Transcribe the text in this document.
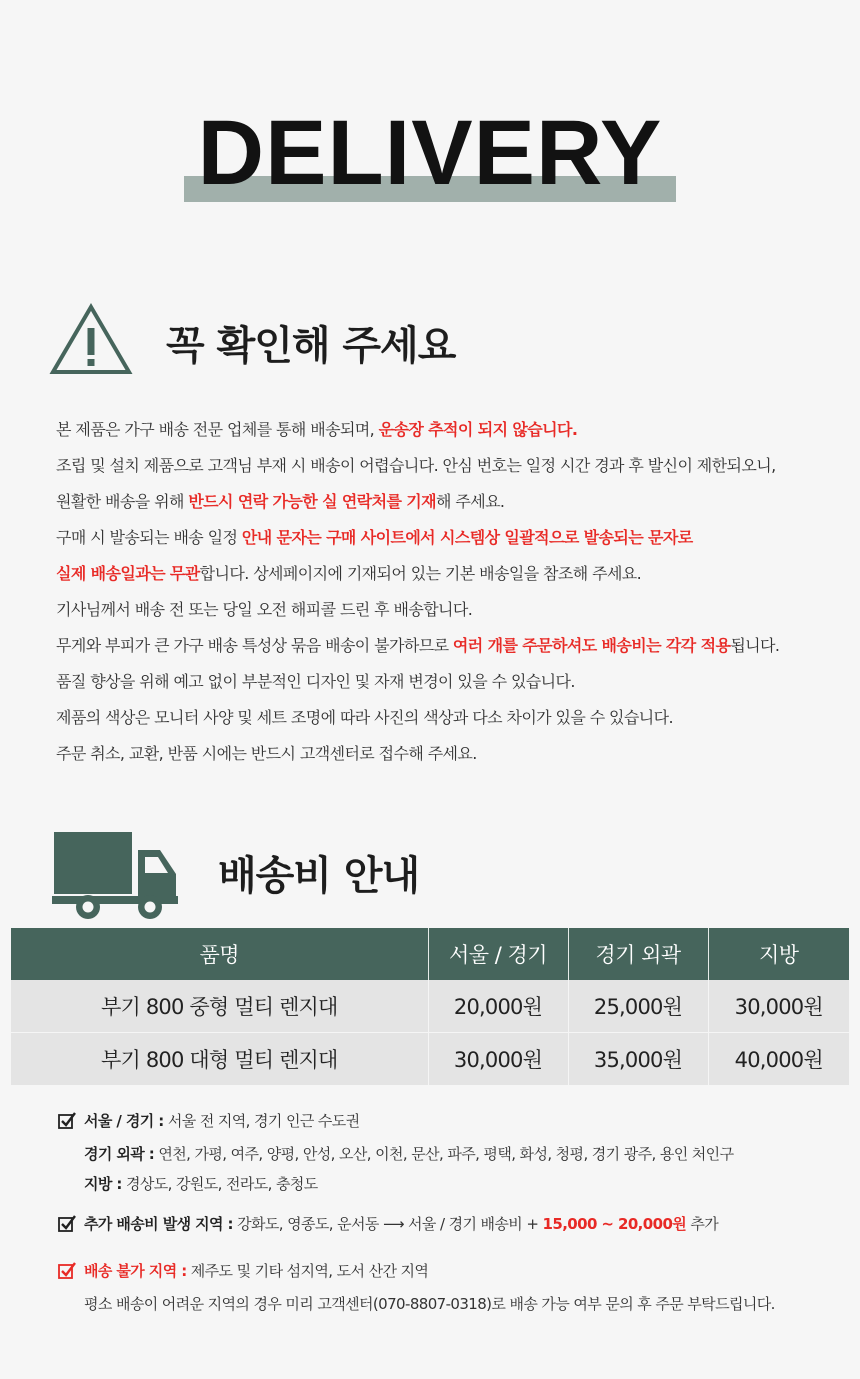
DELIVERY
꼭 확인해 주세요
본 제품은 가구 배송 전문 업체를 통해 배송되며, 운송장 추적이 되지 않습니다.
조립 및 설치 제품으로 고객님 부재 시 배송이 어렵습니다. 안심 번호는 일정 시간 경과 후 발신이 제한되오니,
원활한 배송을 위해 반드시 연락 가능한 실 연락처를 기재해 주세요.
구매 시 발송되는 배송 일정 안내 문자는 구매 사이트에서 시스템상 일괄적으로 발송되는 문자로
실제 배송일과는 무관합니다. 상세페이지에 기재되어 있는 기본 배송일을 참조해 주세요.
기사님께서 배송 전 또는 당일 오전 해피콜 드린 후 배송합니다.
무게와 부피가 큰 가구 배송 특성상 묶음 배송이 불가하므로 여러 개를 주문하셔도 배송비는 각각 적용됩니다.
품질 향상을 위해 예고 없이 부분적인 디자인 및 자재 변경이 있을 수 있습니다.
제품의 색상은 모니터 사양 및 세트 조명에 따라 사진의 색상과 다소 차이가 있을 수 있습니다.
주문 취소, 교환, 반품 시에는 반드시 고객센터로 접수해 주세요.
배송비 안내
품명	서울 / 경기	경기 외곽	지방
부기 800 중형 멀티 렌지대	20,000원	25,000원	30,000원
부기 800 대형 멀티 렌지대	30,000원	35,000원	40,000원
서울 / 경기 : 서울 전 지역, 경기 인근 수도권
경기 외곽 : 연천, 가평, 여주, 양평, 안성, 오산, 이천, 문산, 파주, 평택, 화성, 청평, 경기 광주, 용인 처인구
지방 : 경상도, 강원도, 전라도, 충청도
추가 배송비 발생 지역 : 강화도, 영종도, 운서동 ⟶ 서울 / 경기 배송비 + 15,000 ~ 20,000원 추가
배송 불가 지역 : 제주도 및 기타 섬지역, 도서 산간 지역
평소 배송이 어려운 지역의 경우 미리 고객센터(070-8807-0318)로 배송 가능 여부 문의 후 주문 부탁드립니다.
